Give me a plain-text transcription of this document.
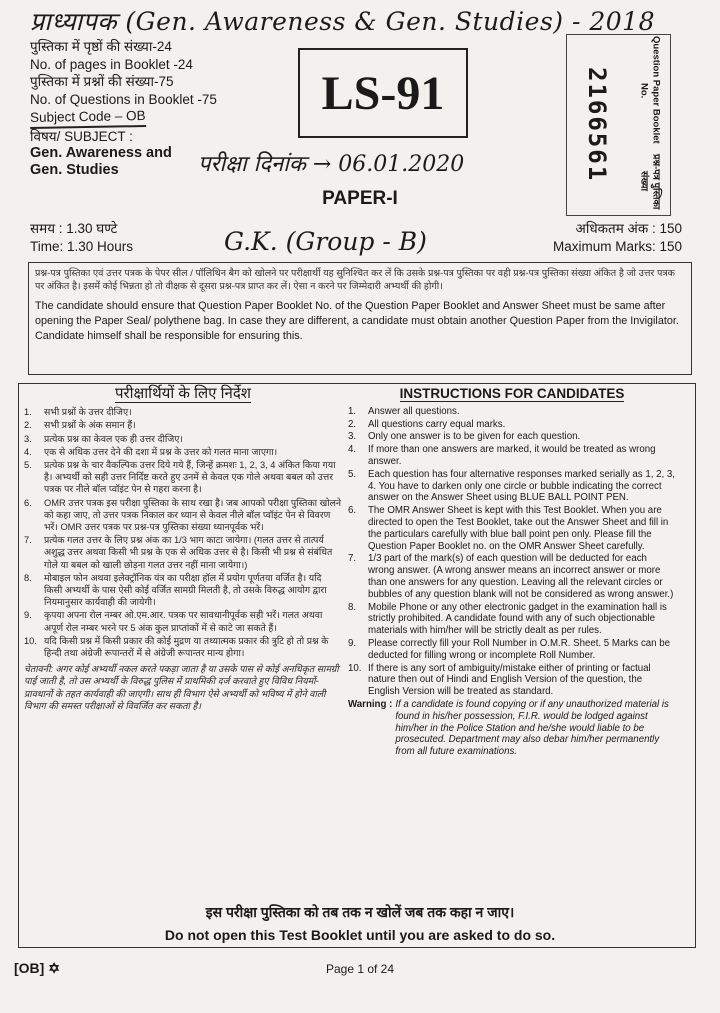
प्राध्यापक (Gen. Awareness & Gen. Studies) - 2018
पुस्तिका में पृष्ठों की संख्या-24
No. of pages in Booklet -24
पुस्तिका में प्रश्नों की संख्या-75
No. of Questions in Booklet -75
Subject Code – OB
विषय/ SUBJECT :
Gen. Awareness and
Gen. Studies
LS-91
परीक्षा दिनांक → 06.01.2020	2166561	Question Paper Booklet No.
प्रश्न-पत्र पुस्तिका संख्या
PAPER-I
समय : 1.30 घण्टे
Time: 1.30 Hours	G.K. (Group - B)	अधिकतम अंक : 150
Maximum Marks: 150
प्रश्न-पत्र पुस्तिका एवं उत्तर पत्रक के पेपर सील / पॉलिथिन बैग को खोलने पर परीक्षार्थी यह सुनिश्चित कर लें कि उसके प्रश्न-पत्र पुस्तिका पर वही प्रश्न-पत्र पुस्तिका संख्या अंकित है जो उत्तर पत्रक पर अंकित है। इसमें कोई भिन्नता हो तो वीक्षक से दूसरा प्रश्न-पत्र प्राप्त कर लें। ऐसा न करने पर जिम्मेदारी अभ्यर्थी की होगी।
The candidate should ensure that Question Paper Booklet No. of the Question Paper Booklet and Answer Sheet must be same after opening the Paper Seal/ polythene bag. In case they are different, a candidate must obtain another Question Paper from the Invigilator. Candidate himself shall be responsible for ensuring this.
परीक्षार्थियों के लिए निर्देश
1.	सभी प्रश्नों के उत्तर दीजिए।
2.	सभी प्रश्नों के अंक समान हैं।
3.	प्रत्येक प्रश्न का केवल एक ही उत्तर दीजिए।
4.	एक से अधिक उत्तर देने की दशा में प्रश्न के उत्तर को गलत माना जाएगा।
5.	प्रत्येक प्रश्न के चार वैकल्पिक उत्तर दिये गये हैं, जिन्हें क्रमशः 1, 2, 3, 4 अंकित किया गया है। अभ्यर्थी को सही उत्तर निर्दिष्ट करते हुए उनमें से केवल एक गोले अथवा बबल को उत्तर पत्रक पर नीले बॉल प्वॉइंट पेन से गहरा करना है।
6.	OMR उत्तर पत्रक इस परीक्षा पुस्तिका के साथ रखा है। जब आपको परीक्षा पुस्तिका खोलने को कहा जाए, तो उत्तर पत्रक निकाल कर ध्यान से केवल नीले बॉल प्वॉइंट पेन से विवरण भरें। OMR उत्तर पत्रक पर प्रश्न-पत्र पुस्तिका संख्या ध्यानपूर्वक भरें।
7.	प्रत्येक गलत उत्तर के लिए प्रश्न अंक का 1/3 भाग काटा जायेगा। (गलत उत्तर से तात्पर्य अशुद्ध उत्तर अथवा किसी भी प्रश्न के एक से अधिक उत्तर से है। किसी भी प्रश्न से संबंधित गोले या बबल को खाली छोड़ना गलत उत्तर नहीं माना जायेगा।)
8.	मोबाइल फोन अथवा इलेक्ट्रॉनिक यंत्र का परीक्षा हॉल में प्रयोग पूर्णतया वर्जित है। यदि किसी अभ्यर्थी के पास ऐसी कोई वर्जित सामग्री मिलती है, तो उसके विरुद्ध आयोग द्वारा नियमानुसार कार्यवाही की जायेगी।
9.	कृपया अपना रोल नम्बर ओ.एम.आर. पत्रक पर सावधानीपूर्वक सही भरें। गलत अथवा अपूर्ण रोल नम्बर भरने पर 5 अंक कुल प्राप्तांकों में से काटे जा सकते हैं।
10. यदि किसी प्रश्न में किसी प्रकार की कोई मुद्रण या तथ्यात्मक प्रकार की त्रुटि हो तो प्रश्न के हिन्दी तथा अंग्रेजी रूपान्तरों में से अंग्रेजी रूपान्तर मान्य होगा।
चेतावनी: अगर कोई अभ्यर्थी नकल करते पकड़ा जाता है या उसके पास से कोई अनधिकृत सामग्री पाई जाती है, तो उस अभ्यर्थी के विरुद्ध पुलिस में प्राथमिकी दर्ज करवाते हुए विविध नियमों-प्रावधानों के तहत कार्यवाही की जाएगी। साथ ही विभाग ऐसे अभ्यर्थी को भविष्य में होने वाली विभाग की समस्त परीक्षाओं से विवर्जित कर सकता है।
INSTRUCTIONS FOR CANDIDATES
1.	Answer all questions.
2.	All questions carry equal marks.
3.	Only one answer is to be given for each question.
4.	If more than one answers are marked, it would be treated as wrong answer.
5.	Each question has four alternative responses marked serially as 1, 2, 3, 4. You have to darken only one circle or bubble indicating the correct answer on the Answer Sheet using BLUE BALL POINT PEN.
6.	The OMR Answer Sheet is kept with this Test Booklet. When you are directed to open the Test Booklet, take out the Answer Sheet and fill in the particulars carefully with blue ball point pen only. Please fill the Question Paper Booklet no. on the OMR Answer Sheet carefully.
7.	1/3 part of the mark(s) of each question will be deducted for each wrong answer. (A wrong answer means an incorrect answer or more than one answers for any question. Leaving all the relevant circles or bubbles of any question blank will not be considered as wrong answer.)
8.	Mobile Phone or any other electronic gadget in the examination hall is strictly prohibited. A candidate found with any of such objectionable materials with him/her will be strictly dealt as per rules.
9.	Please correctly fill your Roll Number in O.M.R. Sheet. 5 Marks can be deducted for filling wrong or incomplete Roll Number.
10. If there is any sort of ambiguity/mistake either of printing or factual nature then out of Hindi and English Version of the question, the English Version will be treated as standard.
Warning : If a candidate is found copying or if any unauthorized material is found in his/her possession, F.I.R. would be lodged against him/her in the Police Station and he/she would liable to be prosecuted. Department may also debar him/her permanently from all future examinations.
इस परीक्षा पुस्तिका को तब तक न खोलें जब तक कहा न जाए।
Do not open this Test Booklet until you are asked to do so.
[OB] ✡	Page 1 of 24
